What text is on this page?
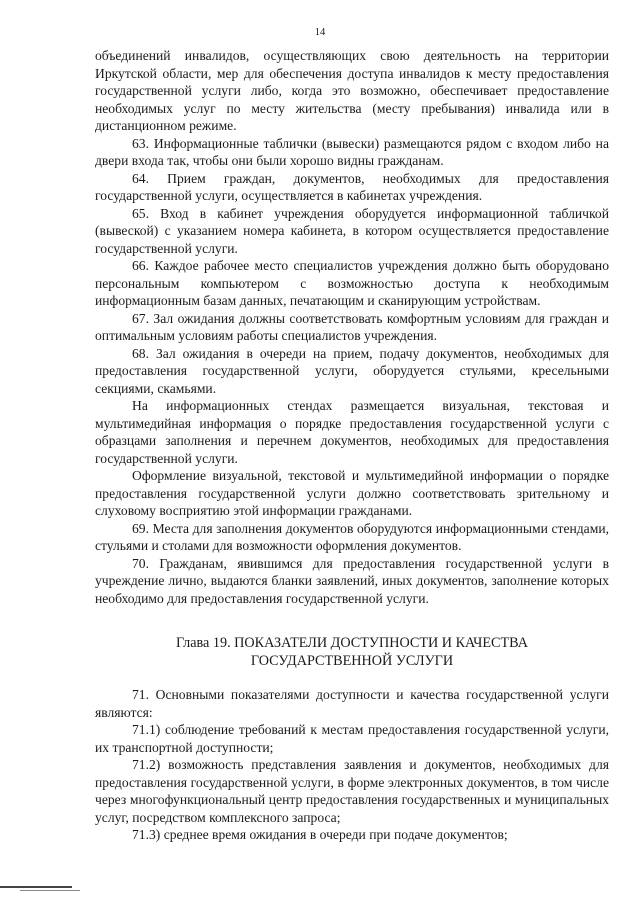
14

объединений инвалидов, осуществляющих свою деятельность на территории Иркутской области, мер для обеспечения доступа инвалидов к месту предоставления государственной услуги либо, когда это возможно, обеспечивает предоставление необходимых услуг по месту жительства (месту пребывания) инвалида или в дистанционном режиме.

63. Информационные таблички (вывески) размещаются рядом с входом либо на двери входа так, чтобы они были хорошо видны гражданам.

64. Прием граждан, документов, необходимых для предоставления государственной услуги, осуществляется в кабинетах учреждения.

65. Вход в кабинет учреждения оборудуется информационной табличкой (вывеской) с указанием номера кабинета, в котором осуществляется предоставление государственной услуги.

66. Каждое рабочее место специалистов учреждения должно быть оборудовано персональным компьютером с возможностью доступа к необходимым информационным базам данных, печатающим и сканирующим устройствам.

67. Зал ожидания должны соответствовать комфортным условиям для граждан и оптимальным условиям работы специалистов учреждения.

68. Зал ожидания в очереди на прием, подачу документов, необходимых для предоставления государственной услуги, оборудуется стульями, кресельными секциями, скамьями.

На информационных стендах размещается визуальная, текстовая и мультимедийная информация о порядке предоставления государственной услуги с образцами заполнения и перечнем документов, необходимых для предоставления государственной услуги.

Оформление визуальной, текстовой и мультимедийной информации о порядке предоставления государственной услуги должно соответствовать зрительному и слуховому восприятию этой информации гражданами.

69. Места для заполнения документов оборудуются информационными стендами, стульями и столами для возможности оформления документов.

70. Гражданам, явившимся для предоставления государственной услуги в учреждение лично, выдаются бланки заявлений, иных документов, заполнение которых необходимо для предоставления государственной услуги.

Глава 19. ПОКАЗАТЕЛИ ДОСТУПНОСТИ И КАЧЕСТВА
ГОСУДАРСТВЕННОЙ УСЛУГИ

71. Основными показателями доступности и качества государственной услуги являются:

71.1) соблюдение требований к местам предоставления государственной услуги, их транспортной доступности;

71.2) возможность представления заявления и документов, необходимых для предоставления государственной услуги, в форме электронных документов, в том числе через многофункциональный центр предоставления государственных и муниципальных услуг, посредством комплексного запроса;

71.3) среднее время ожидания в очереди при подаче документов;
